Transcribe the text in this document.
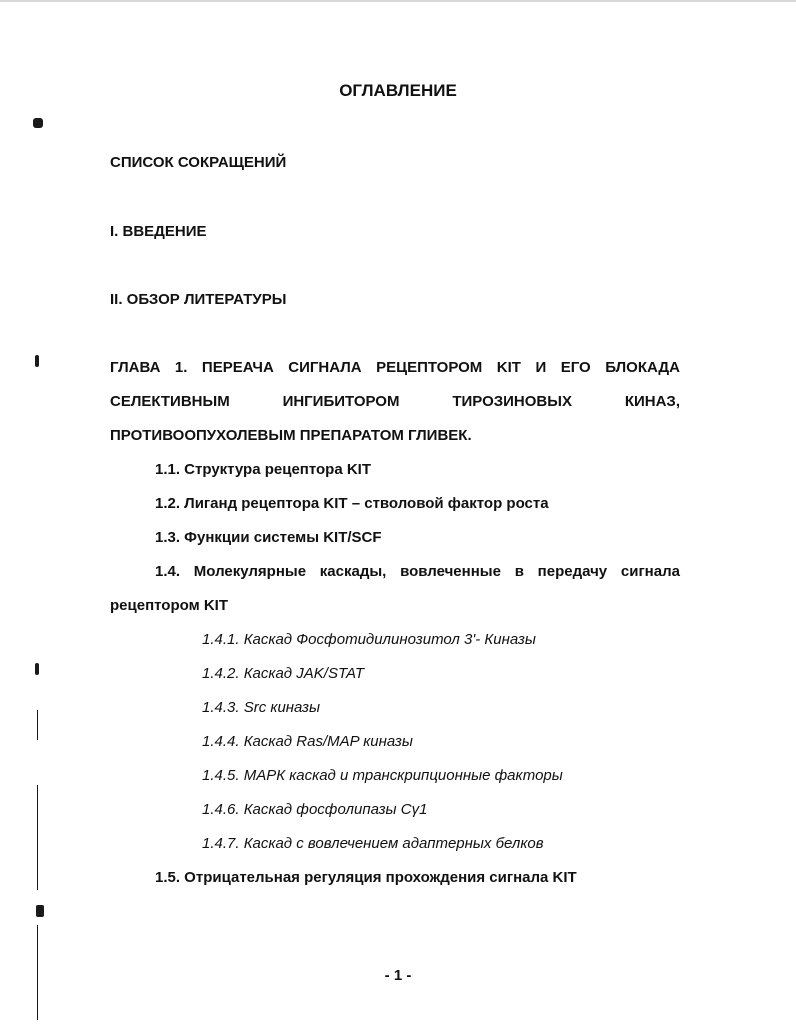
ОГЛАВЛЕНИЕ
СПИСОК СОКРАЩЕНИЙ
I. ВВЕДЕНИЕ
II. ОБЗОР ЛИТЕРАТУРЫ
ГЛАВА 1. ПЕРЕАЧА СИГНАЛА РЕЦЕПТОРОМ KIT И ЕГО БЛОКАДА
СЕЛЕКТИВНЫМ	ИНГИБИТОРОМ	ТИРОЗИНОВЫХ	КИНАЗ,
ПРОТИВООПУХОЛЕВЫМ ПРЕПАРАТОМ ГЛИВЕК.
1.1. Структура рецептора KIT
1.2. Лиганд рецептора KIT – стволовой фактор роста
1.3. Функции системы KIT/SCF
1.4. Молекулярные каскады, вовлеченные в передачу сигнала
рецептором KIT
1.4.1. Каскад Фосфотидилинозитол 3'- Киназы
1.4.2. Каскад JAK/STAT
1.4.3. Src киназы
1.4.4. Каскад Ras/MAP киназы
1.4.5. МАРК каскад и транскрипционные факторы
1.4.6. Каскад фосфолипазы Cγ1
1.4.7. Каскад с вовлечением адаптерных белков
1.5. Отрицательная регуляция прохождения сигнала KIT
- 1 -
